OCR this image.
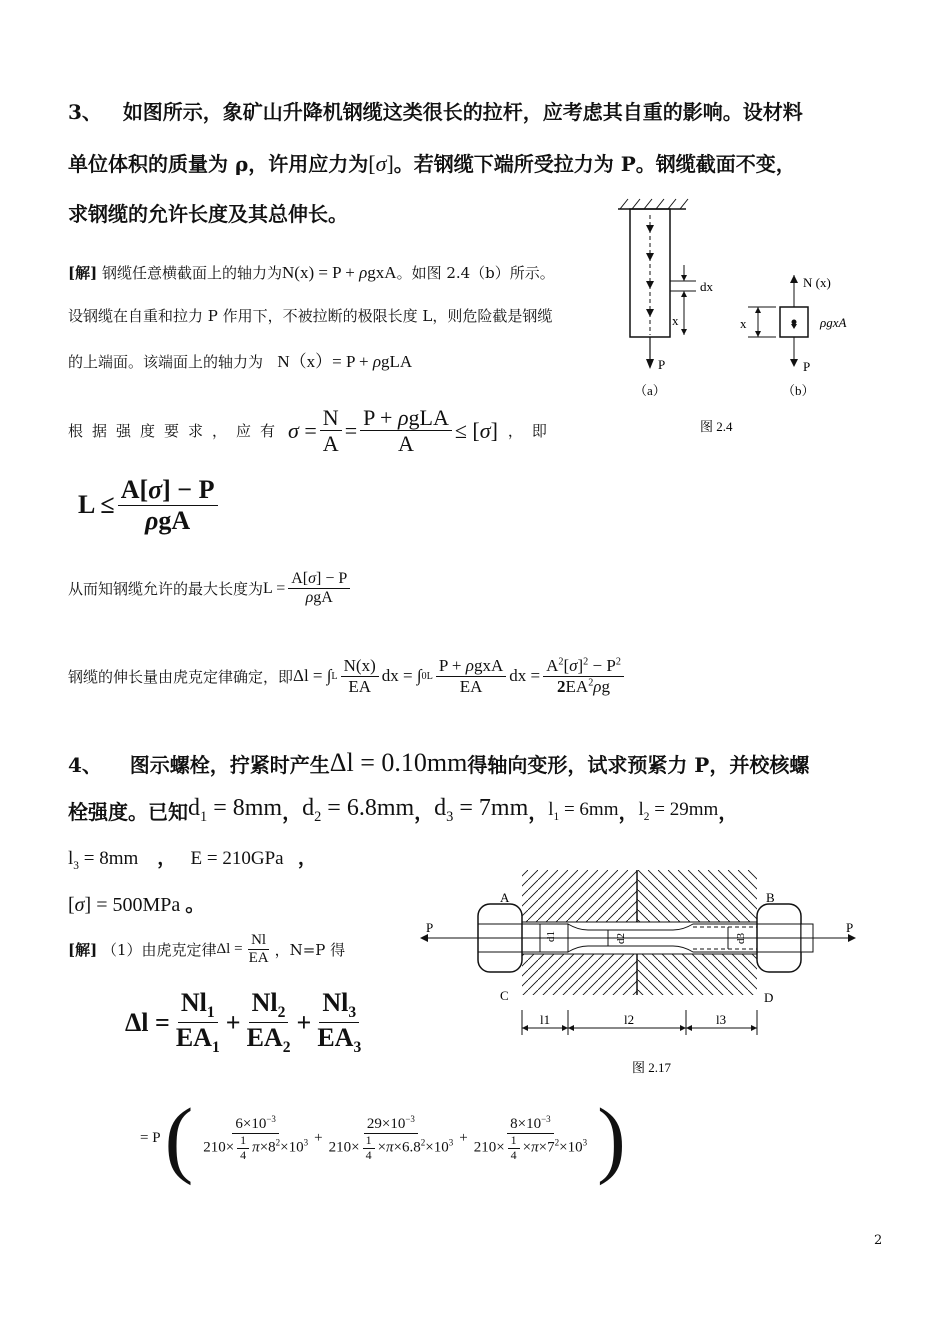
3、 如图所示，象矿山升降机钢缆这类很长的拉杆，应考虑其自重的影响。设材料
单位体积的质量为 ρ，许用应力为[σ]。若钢缆下端所受拉力为 P。钢缆截面不变，
求钢缆的允许长度及其总伸长。
[解] 钢缆任意横截面上的轴力为N(x) = P + ρgxA。如图 2.4（b）所示。
设钢缆在自重和拉力 P 作用下，不被拉断的极限长度 L，则危险截是钢缆
的上端面。该端面上的轴力为 N（x）= P + ρgLA
根据强度要求，应有 $\sigma = \frac{N}{A} = \frac{\text{P + ρgLA}}{A}$ ≤ [ σ ] ，即
$L \le \frac{A[\sigma] - P}{\text{ρgA}}$
从而知钢缆允许的最大长度为 $L = \frac{A[\sigma] - P}{\text{ρgA}}$
钢缆的伸长量由虎克定律确定，即 Δl = ∫ L $\frac{N(x)}{EA}$ dx = ∫ 0 L $\frac{\text{P + ρgxA}}{EA}$ dx = $\frac{A^2[\sigma]^2 - P^2}{2EA^2\rho g}$
P
dx
x
（a）
N (x)
ρgxA
P
x
（b）
图 2.4
4、
图示螺栓，拧紧时产生 Δl = 0.10mm 得轴向变形，试求预紧力 P，并校核螺
栓强度。已知 $d_1 = 8mm$ ， $d_2 = 6.8mm$ ， $d_3 = 7mm$ ， $l_1 = 6mm$ ， $l_2 = 29mm$ ，
$l_3 = 8mm$    ，   E = 210GPa   ，
[σ] = 500MPa 。
[解]
（1）由虎克定律 $\Delta l = \frac{Nl}{EA}$ ，N=P 得
$\Delta l = \frac{Nl_1}{EA_1} + \frac{Nl_2}{EA_2} + \frac{Nl_3}{EA_3}$
= P ( $\frac{6\times 10^{-3}}{210\times \frac{1}{4} \pi\times 8^2\times 10^3} + \frac{29\times 10^{-3}}{210\times \frac{1}{4} \times\pi\times 6.8^2\times 10^3} + \frac{8\times 10^{-3}}{210\times \frac{1}{4} \times\pi\times 7^2\times 10^3}$ )
P	P
d1	d2	d3
A	B
C	D
l1	l2	l3
图 2.17
2
